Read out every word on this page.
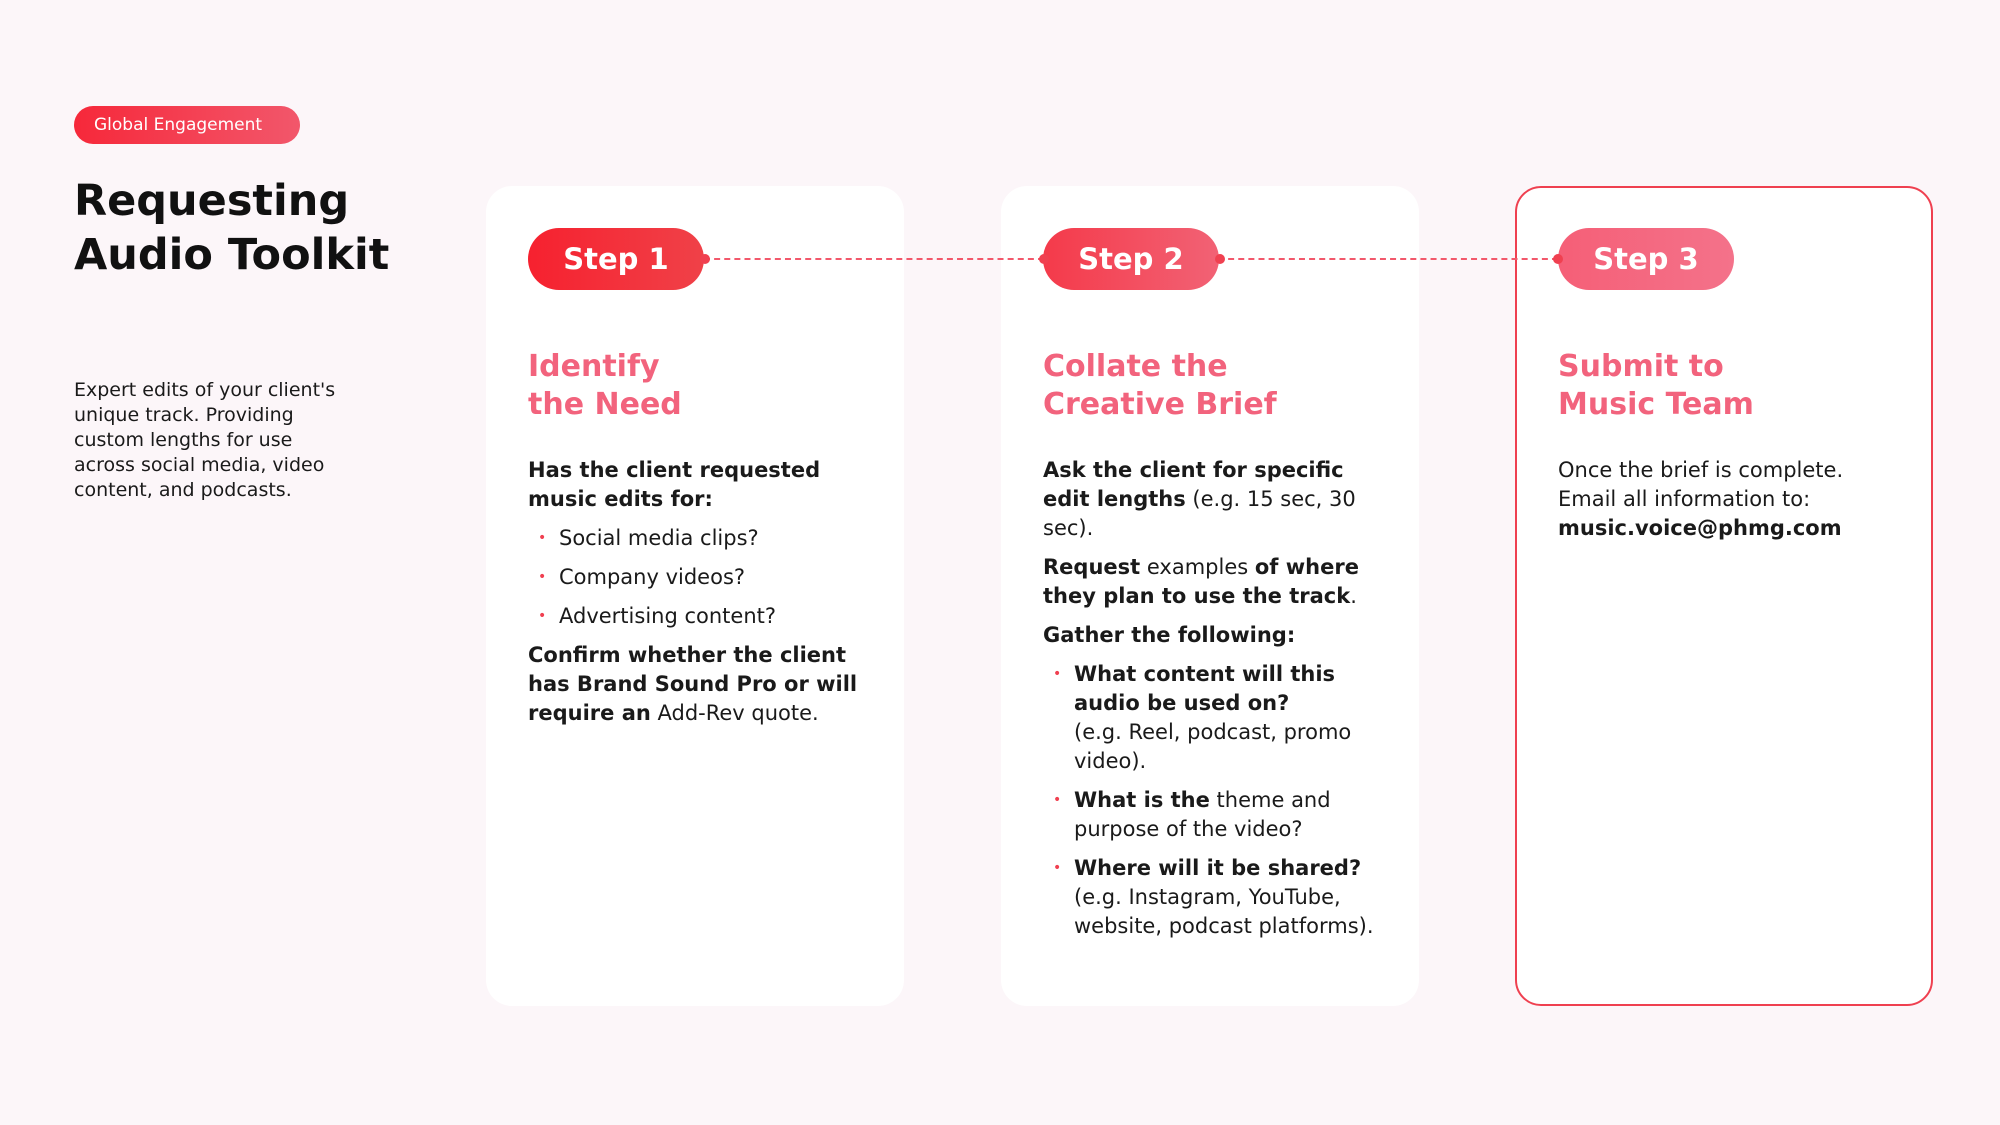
Global Engagement
Requesting
Audio Toolkit

Expert edits of your client's
unique track. Providing
custom lengths for use
across social media, video
content, and podcasts.

Step 1	Step 2	Step 3
Identify
the Need

Has the client requested music edits for:

• Social media clips?
• Company videos?
• Advertising content?

Confirm whether the client has Brand Sound Pro or will require an Add-Rev quote.

Collate the
Creative Brief

Ask the client for specific edit lengths (e.g. 15 sec, 30 sec).

Request examples of where they plan to use the track.

Gather the following:

• What content will this audio be used on?
(e.g. Reel, podcast, promo video).
• What is the theme and purpose of the video?
• Where will it be shared?
(e.g. Instagram, YouTube, website, podcast platforms).
Submit to
Music Team
Once the brief is complete.
Email all information to:
music.voice@phmg.com
